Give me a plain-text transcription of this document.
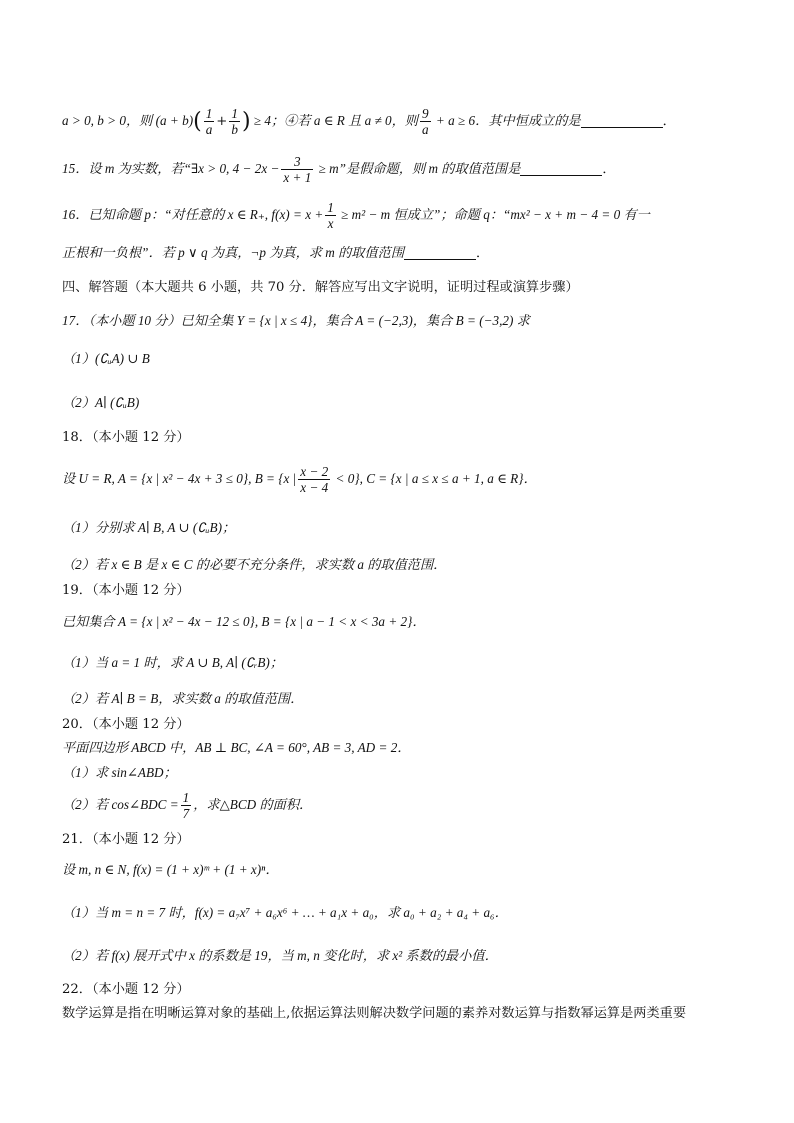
a > 0, b > 0，则 $(a + b)( \frac{1}{a} + \frac{1}{b}$ ) ≥ 4；④若 a ∈ R 且 a ≠ 0，则 $\frac{9}{a} + a \ge 6$．其中恒成立的是	．
15．设 m 为实数，若“∃x > 0, $4 - 2x - \frac{3}{x + 1} \ge m$”是假命题，则 m 的取值范围是	．
16．已知命题 p：“对任意的 x ∈ R₊, $f(x) = x + \frac{1}{x} \ge m^2 - m$ 恒成立”；命题 q：“mx² − x + m − 4 = 0 有一
正根和一负根”．若 p ∨ q 为真，¬p 为真，求 m 的取值范围	．
四、解答题（本大题共 6 小题，共 70 分．解答应写出文字说明，证明过程或演算步骤）
17．（本小题 10 分）已知全集 Y = {x | x ≤ 4}，集合 A = (−2,3)，集合 B = (−3,2) 求
（1）(∁ᵤA) ∪ B
（2）A∣ (∁ᵤB)
18．（本小题 12 分）
设 U = R, A = {x | x² − 4x + 3 ≤ 0}, B = {x | $\frac{x - 2}{x - 4} < 0$}, C = {x | a ≤ x ≤ a + 1, a ∈ R}．
（1）分别求 A∣ B, A ∪ (∁ᵤB)；
（2）若 x ∈ B 是 x ∈ C 的必要不充分条件，求实数 a 的取值范围．
19．（本小题 12 分）
已知集合 A = {x | x² − 4x − 12 ≤ 0}, B = {x | a − 1 < x < 3a + 2}．
（1）当 a = 1 时，求 A ∪ B, A∣ (∁ᵣB)；
（2）若 A∣ B = B，求实数 a 的取值范围．
20．（本小题 12 分）
平面四边形 ABCD 中，AB ⊥ BC, ∠A = 60°, AB = 3, AD = 2．
（1）求 sin∠ABD；
（2）若 cos∠BDC = $\frac{1}{7}$ ，求△BCD 的面积．
21．（本小题 12 分）
设 m, n ∈ N, f(x) = (1 + x)ᵐ + (1 + x)ⁿ．
（1）当 m = n = 7 时，f(x) = a₇x⁷ + a₆x⁶ + … + a₁x + a₀，求 a₀ + a₂ + a₄ + a₆．
（2）若 f(x) 展开式中 x 的系数是 19，当 m, n 变化时，求 x² 系数的最小值．
22．（本小题 12 分）
数学运算是指在明晰运算对象的基础上,依据运算法则解决数学问题的素养对数运算与指数幂运算是两类重要
